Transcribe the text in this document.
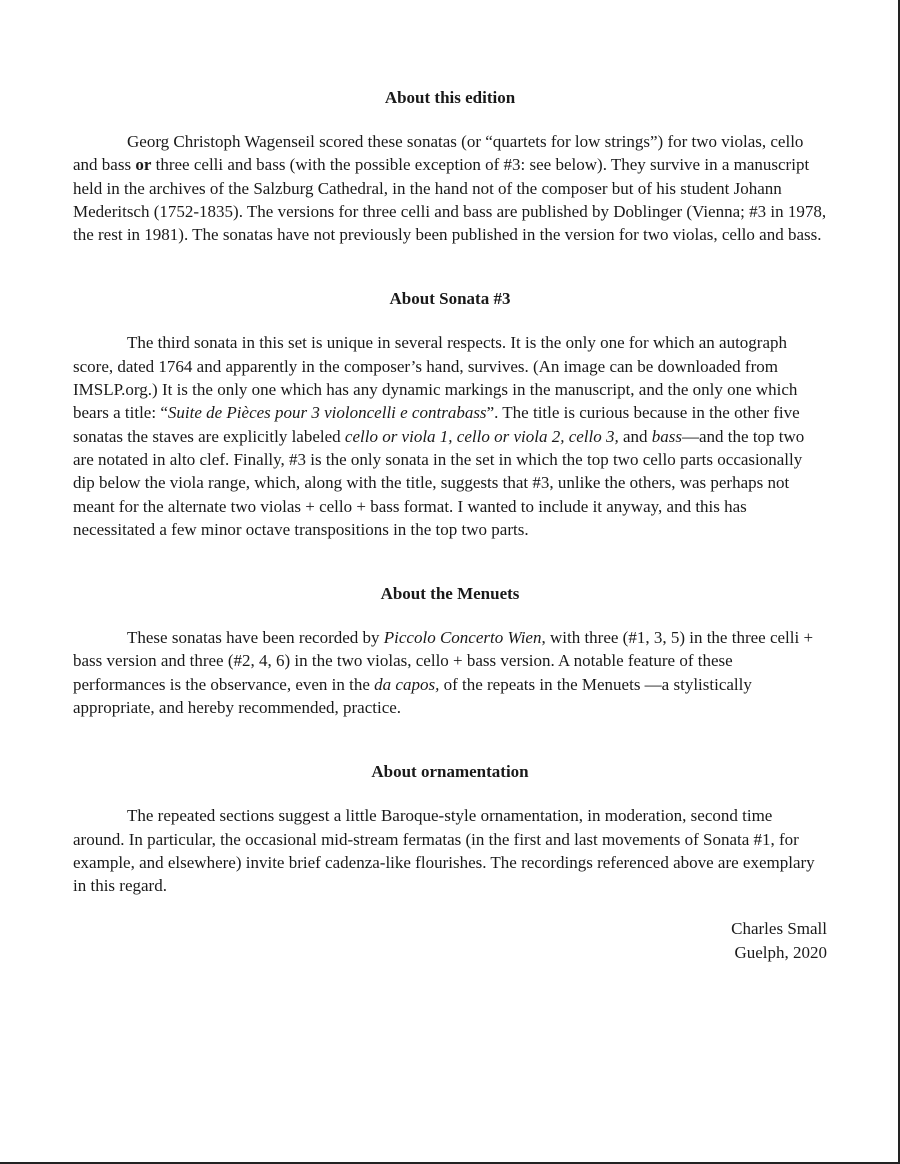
About this edition

Georg Christoph Wagenseil scored these sonatas (or “quartets for low strings”) for two violas, cello and bass or three celli and bass (with the possible exception of #3: see below). They survive in a manuscript held in the archives of the Salzburg Cathedral, in the hand not of the composer but of his student Johann Mederitsch (1752-1835). The versions for three celli and bass are published by Doblinger (Vienna; #3 in 1978, the rest in 1981). The sonatas have not previously been published in the version for two violas, cello and bass.

About Sonata #3

The third sonata in this set is unique in several respects. It is the only one for which an autograph score, dated 1764 and apparently in the composer’s hand, survives. (An image can be downloaded from IMSLP.org.) It is the only one which has any dynamic markings in the manuscript, and the only one which bears a title: “Suite de Pièces pour 3 violoncelli e contrabass”. The title is curious because in the other five sonatas the staves are explicitly labeled cello or viola 1, cello or viola 2, cello 3, and bass—and the top two are notated in alto clef. Finally, #3 is the only sonata in the set in which the top two cello parts occasionally dip below the viola range, which, along with the title, suggests that #3, unlike the others, was perhaps not meant for the alternate two violas + cello + bass format. I wanted to include it anyway, and this has necessitated a few minor octave transpositions in the top two parts.

About the Menuets

These sonatas have been recorded by Piccolo Concerto Wien, with three (#1, 3, 5) in the three celli + bass version and three (#2, 4, 6) in the two violas, cello + bass version. A notable feature of these performances is the observance, even in the da capos, of the repeats in the Menuets —a stylistically appropriate, and hereby recommended, practice.

About ornamentation

The repeated sections suggest a little Baroque-style ornamentation, in moderation, second time around. In particular, the occasional mid-stream fermatas (in the first and last movements of Sonata #1, for example, and elsewhere) invite brief cadenza-like flourishes. The recordings referenced above are exemplary in this regard.

Charles Small
Guelph, 2020
